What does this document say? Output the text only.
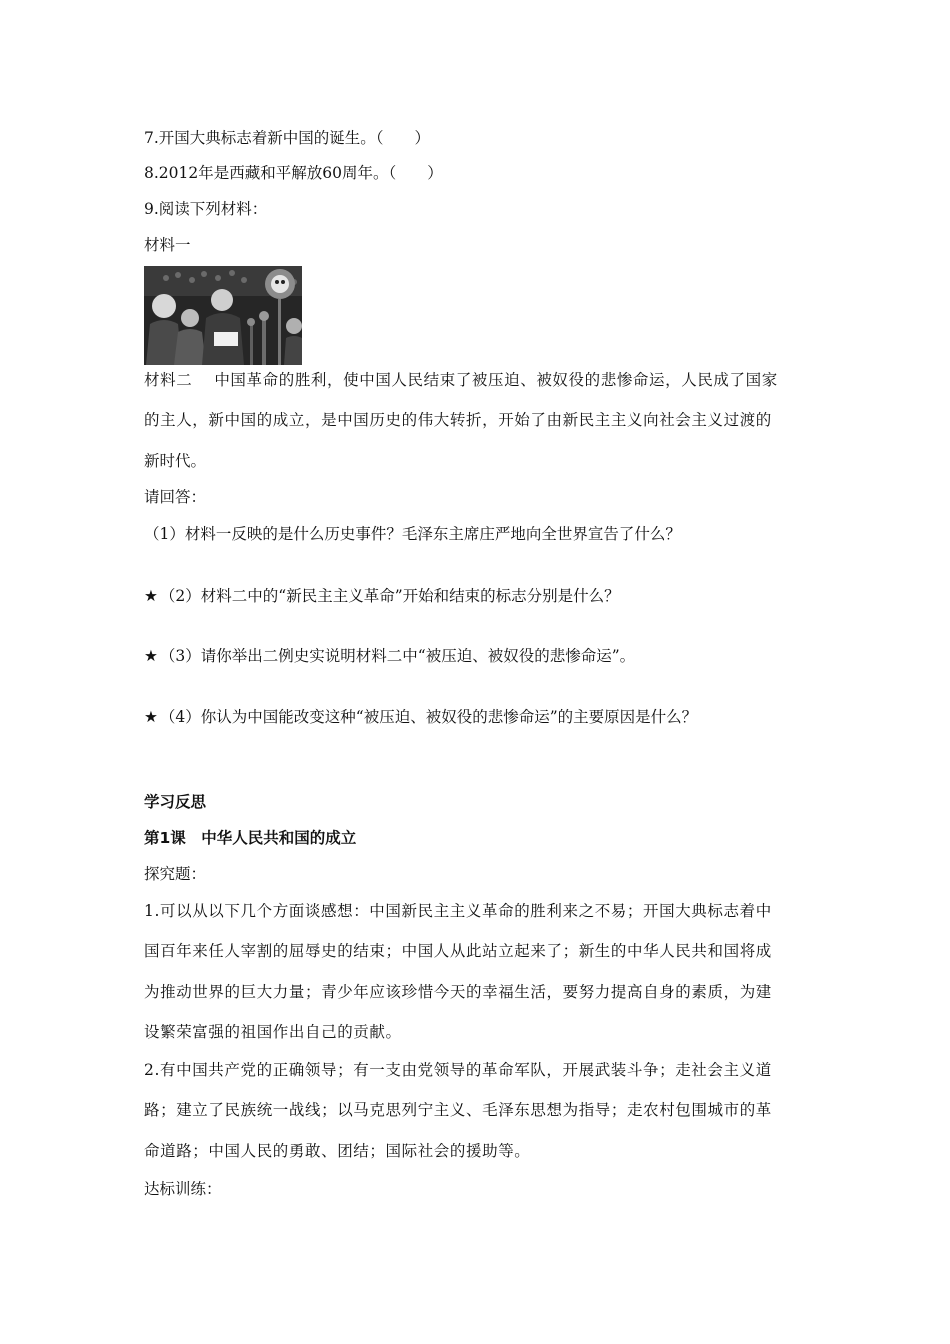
7.开国大典标志着新中国的诞生。（　　）
8.2012年是西藏和平解放60周年。（　　）
9.阅读下列材料：
材料一
材料二 中国革命的胜利，使中国人民结束了被压迫、被奴役的悲惨命运，人民成了国家
的主人，新中国的成立，是中国历史的伟大转折，开始了由新民主主义向社会主义过渡的
新时代。
请回答：
（1）材料一反映的是什么历史事件？毛泽东主席庄严地向全世界宣告了什么？
★ （2）材料二中的“新民主主义革命”开始和结束的标志分别是什么？
★ （3）请你举出二例史实说明材料二中“被压迫、被奴役的悲惨命运”。
★ （4）你认为中国能改变这种“被压迫、被奴役的悲惨命运”的主要原因是什么？
学习反思
第1课　中华人民共和国的成立
探究题：
1.可以从以下几个方面谈感想：中国新民主主义革命的胜利来之不易；开国大典标志着中
国百年来任人宰割的屈辱史的结束；中国人从此站立起来了；新生的中华人民共和国将成
为推动世界的巨大力量；青少年应该珍惜今天的幸福生活，要努力提高自身的素质，为建
设繁荣富强的祖国作出自己的贡献。
2.有中国共产党的正确领导；有一支由党领导的革命军队，开展武装斗争；走社会主义道
路；建立了民族统一战线；以马克思列宁主义、毛泽东思想为指导；走农村包围城市的革
命道路；中国人民的勇敢、团结；国际社会的援助等。
达标训练：
